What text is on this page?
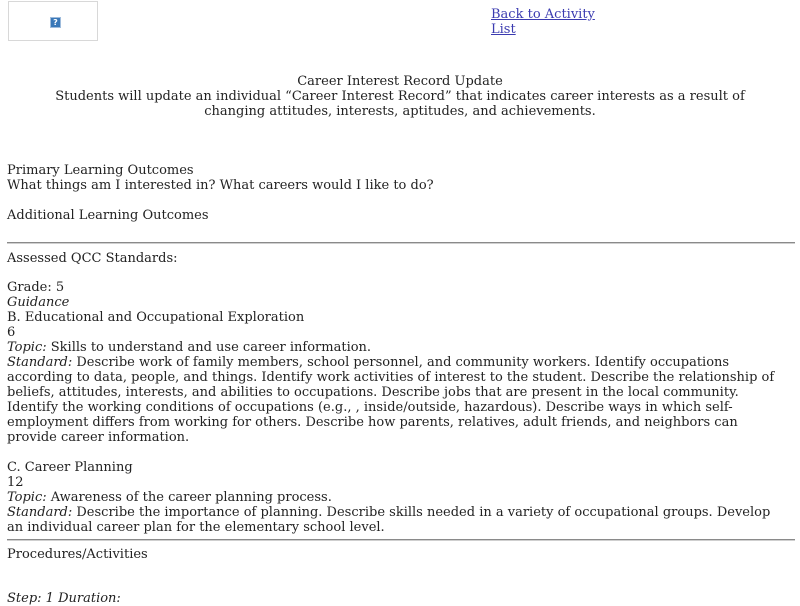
?
Back to Activity
List
Career Interest Record Update
Students will update an individual “Career Interest Record” that indicates career interests as a result of changing attitudes, interests, aptitudes, and achievements.
Primary Learning Outcomes
What things am I interested in? What careers would I like to do?
Additional Learning Outcomes
Assessed QCC Standards:
Grade: 5
Guidance
B. Educational and Occupational Exploration
6
Topic: Skills to understand and use career information.
Standard: Describe work of family members, school personnel, and community workers. Identify occupations according to data, people, and things. Identify work activities of interest to the student. Describe the relationship of beliefs, attitudes, interests, and abilities to occupations. Describe jobs that are present in the local community. Identify the working conditions of occupations (e.g., , inside/outside, hazardous). Describe ways in which self-employment differs from working for others. Describe how parents, relatives, adult friends, and neighbors can provide career information.
C. Career Planning
12
Topic: Awareness of the career planning process.
Standard: Describe the importance of planning. Describe skills needed in a variety of occupational groups. Develop an individual career plan for the elementary school level.
Procedures/Activities
Step: 1 Duration:
